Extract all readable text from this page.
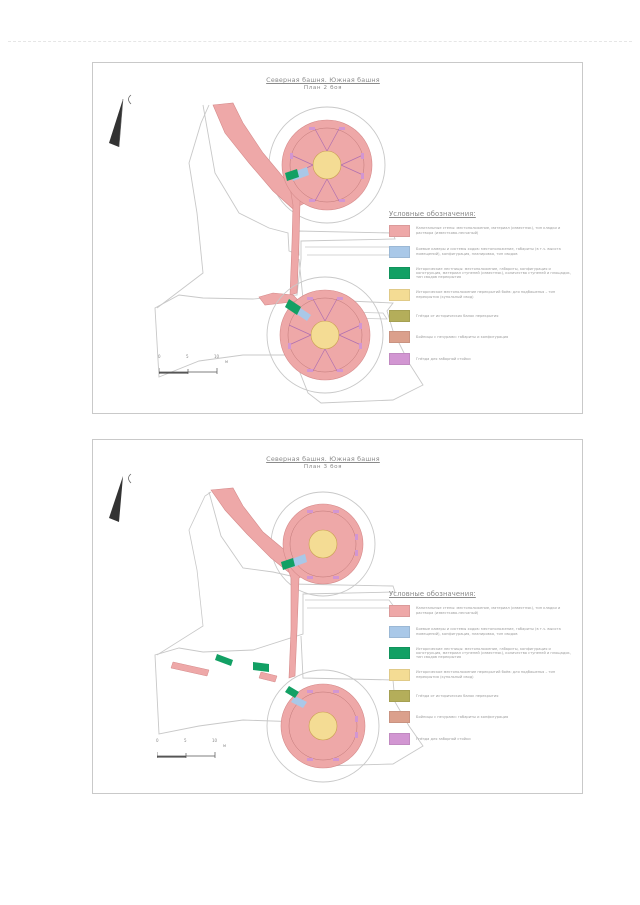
Северная башня. Южная башня
План 2 боя
0	5	10
м
Условные обозначения:
Капитальные стены: местоположение, материал (известняк), тип кладки и раствора (известково-песчаный)
Боевые камеры и системы ходов: местоположение, габариты (в т.ч. высота помещений), конфигурация, планировка, тип сводов
Исторические лестницы: местоположение, габариты, конфигурация и конструкция, материал ступеней (известняк), количество ступеней и площадок, тип сводов перекрытия
Историческое местоположение перекрытий боёв: для подбашенья – тип перекрытия (купольный свод)
Гнёзда от исторических балок перекрытия
Бойницы с печурами: габариты и конфигурация
Гнёзда для заборной стойки
Северная башня. Южная башня
План 3 боя
0	5	10
м
Условные обозначения:
Капитальные стены: местоположение, материал (известняк), тип кладки и раствора (известково-песчаный)
Боевые камеры и системы ходов: местоположение, габариты (в т.ч. высота помещений), конфигурация, планировка, тип сводов
Исторические лестницы: местоположение, габариты, конфигурация и конструкция, материал ступеней (известняк), количество ступеней и площадок, тип сводов перекрытия
Историческое местоположение перекрытий боёв: для подбашенья – тип перекрытия (купольный свод)
Гнёзда от исторических балок перекрытия
Бойницы с печурами: габариты и конфигурация
Гнёзда для заборной стойки
